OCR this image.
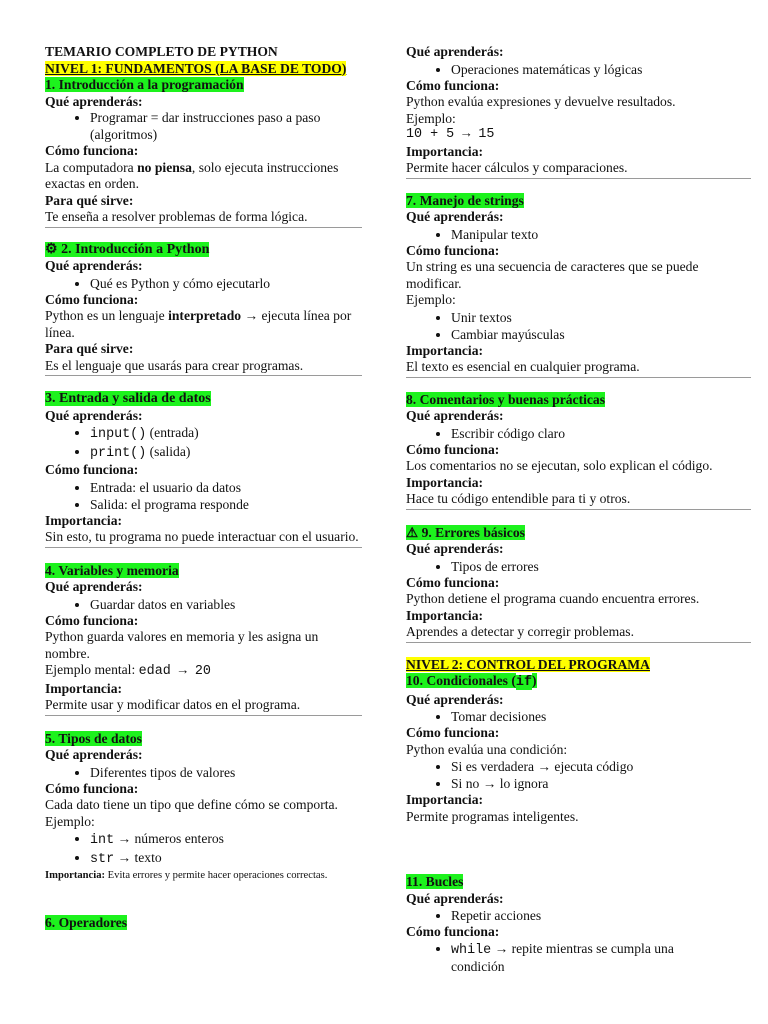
TEMARIO COMPLETO DE PYTHON
NIVEL 1: FUNDAMENTOS (LA BASE DE TODO)
1. Introducción a la programación
Qué aprenderás:
• Programar = dar instrucciones paso a paso (algoritmos)
Cómo funciona:
La computadora no piensa, solo ejecuta instrucciones exactas en orden.
Para qué sirve:
Te enseña a resolver problemas de forma lógica.
⚙ 2. Introducción a Python
Qué aprenderás:
• Qué es Python y cómo ejecutarlo
Cómo funciona:
Python es un lenguaje interpretado → ejecuta línea por línea.
Para qué sirve:
Es el lenguaje que usarás para crear programas.
3. Entrada y salida de datos
Qué aprenderás:
• input() (entrada)
• print() (salida)
Cómo funciona:
• Entrada: el usuario da datos
• Salida: el programa responde
Importancia:
Sin esto, tu programa no puede interactuar con el usuario.
4. Variables y memoria
Qué aprenderás:
• Guardar datos en variables
Cómo funciona:
Python guarda valores en memoria y les asigna un nombre.
Ejemplo mental: edad → 20
Importancia:
Permite usar y modificar datos en el programa.
5. Tipos de datos
Qué aprenderás:
• Diferentes tipos de valores
Cómo funciona:
Cada dato tiene un tipo que define cómo se comporta.
Ejemplo:
• int → números enteros
• str → texto
Importancia: Evita errores y permite hacer operaciones correctas.
6. Operadores
Qué aprenderás:
• Operaciones matemáticas y lógicas
Cómo funciona:
Python evalúa expresiones y devuelve resultados.
Ejemplo:
10 + 5 → 15
Importancia:
Permite hacer cálculos y comparaciones.
7. Manejo de strings
Qué aprenderás:
• Manipular texto
Cómo funciona:
Un string es una secuencia de caracteres que se puede modificar.
Ejemplo:
• Unir textos
• Cambiar mayúsculas
Importancia:
El texto es esencial en cualquier programa.
8. Comentarios y buenas prácticas
Qué aprenderás:
• Escribir código claro
Cómo funciona:
Los comentarios no se ejecutan, solo explican el código.
Importancia:
Hace tu código entendible para ti y otros.
⚠ 9. Errores básicos
Qué aprenderás:
• Tipos de errores
Cómo funciona:
Python detiene el programa cuando encuentra errores.
Importancia:
Aprendes a detectar y corregir problemas.
NIVEL 2: CONTROL DEL PROGRAMA
10. Condicionales (if)
Qué aprenderás:
• Tomar decisiones
Cómo funciona:
Python evalúa una condición:
• Si es verdadera → ejecuta código
• Si no → lo ignora
Importancia:
Permite programas inteligentes.
11. Bucles
Qué aprenderás:
• Repetir acciones
Cómo funciona:
• while → repite mientras se cumpla una condición
